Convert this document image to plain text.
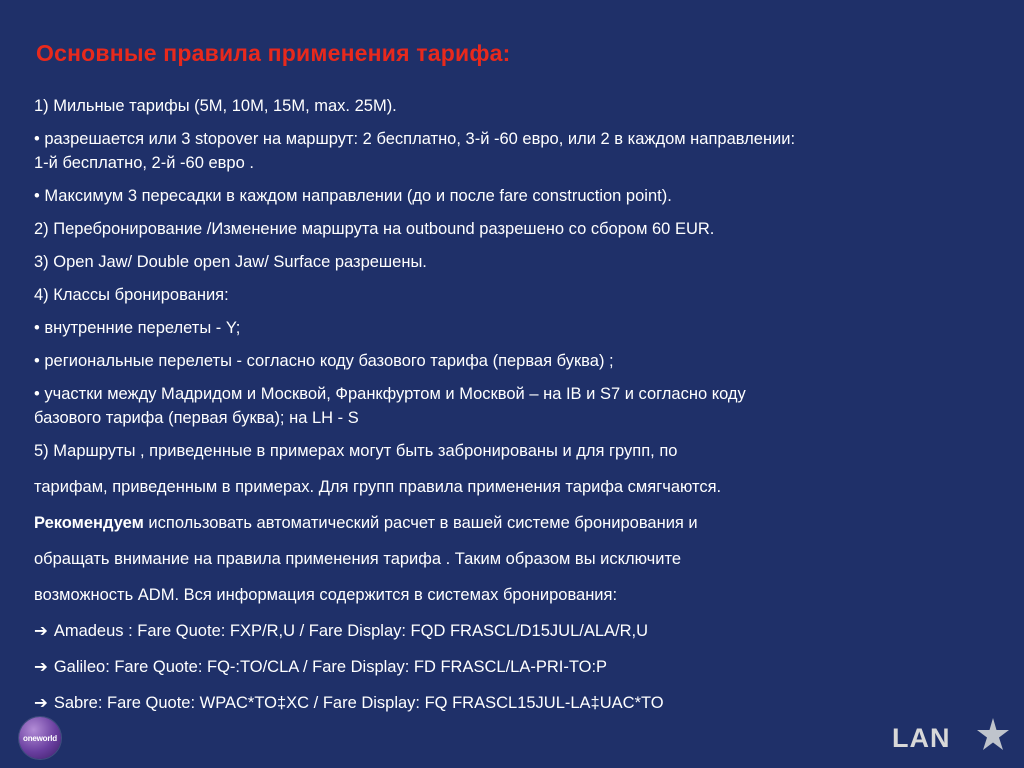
Основные правила применения тарифа:
1) Мильные тарифы (5M, 10M, 15M, max. 25M).
• разрешается или 3 stopover на маршрут: 2 бесплатно, 3-й -60 евро, или 2 в каждом направлении:
1-й бесплатно, 2-й -60 евро .
• Максимум 3 пересадки в каждом направлении (до и после fare construction point).
2) Перебронирование /Изменение маршрута на outbound разрешено со сбором 60 EUR.
3) Open Jaw/ Double open Jaw/ Surface разрешены.
4) Классы бронирования:
• внутренние перелеты - Y;
• региональные перелеты - согласно коду базового тарифа (первая буква) ;
• участки между Мадридом и Москвой, Франкфуртом и Москвой – на IB и S7 и согласно коду
базового тарифа (первая буква); на LH - S
5) Маршруты , приведенные в примерах могут быть забронированы и для групп, по
тарифам, приведенным в примерах. Для групп правила применения тарифа смягчаются.
Рекомендуем использовать автоматический расчет в вашей системе бронирования и
обращать внимание на правила применения тарифа . Таким образом вы исключите
возможность ADM. Вся информация содержится в системах бронирования:
➔ Amadeus : Fare Quote: FXP/R,U / Fare Display: FQD FRASCL/D15JUL/ALA/R,U
➔ Galileo: Fare Quote: FQ-:TO/CLA / Fare Display: FD FRASCL/LA-PRI-TO:P
➔ Sabre: Fare Quote: WPAC*TO‡XC / Fare Display: FQ FRASCL15JUL-LA‡UAC*TO
oneworld	LAN
